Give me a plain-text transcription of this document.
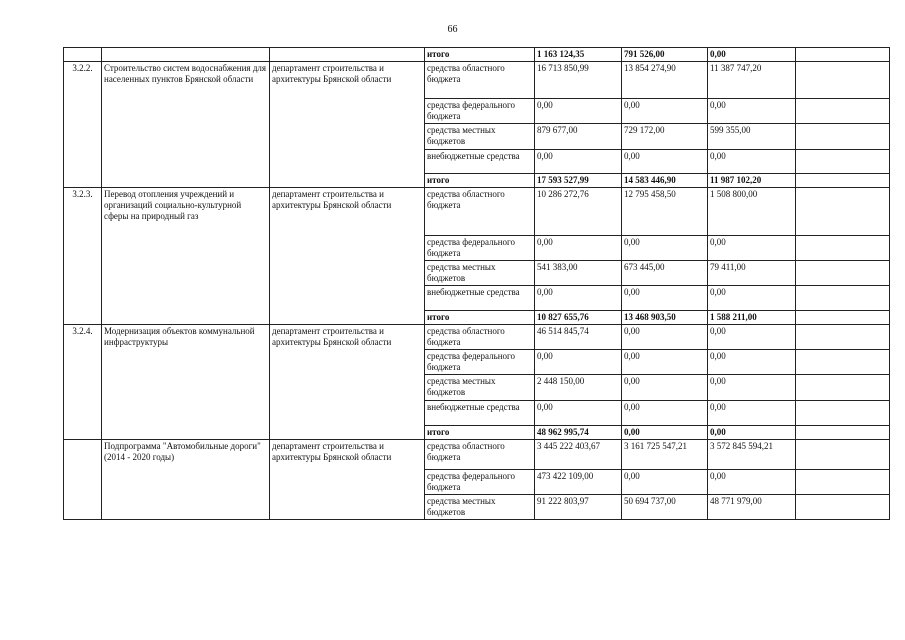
66
			итого	1 163 124,35	791 526,00	0,00	
3.2.2.	Строительство систем водоснабжения для населенных пунктов Брянской области	департамент строительства и архитектуры Брянской области	средства областного бюджета	16 713 850,99	13 854 274,90	11 387 747,20	
			средства федерального бюджета	0,00	0,00	0,00	
			средства местных бюджетов	879 677,00	729 172,00	599 355,00	
			внебюджетные средства	0,00	0,00	0,00	
			итого	17 593 527,99	14 583 446,90	11 987 102,20	
3.2.3.	Перевод отопления учреждений и организаций социально-культурной сферы на природный газ	департамент строительства и архитектуры Брянской области	средства областного бюджета	10 286 272,76	12 795 458,50	1 508 800,00	
			средства федерального бюджета	0,00	0,00	0,00	
			средства местных бюджетов	541 383,00	673 445,00	79 411,00	
			внебюджетные средства	0,00	0,00	0,00	
			итого	10 827 655,76	13 468 903,50	1 588 211,00	
3.2.4.	Модернизация объектов коммунальной инфраструктуры	департамент строительства и архитектуры Брянской области	средства областного бюджета	46 514 845,74	0,00	0,00	
			средства федерального бюджета	0,00	0,00	0,00	
			средства местных бюджетов	2 448 150,00	0,00	0,00	
			внебюджетные средства	0,00	0,00	0,00	
			итого	48 962 995,74	0,00	0,00	
	Подпрограмма "Автомобильные дороги" (2014 - 2020 годы)	департамент строительства и архитектуры Брянской области	средства областного бюджета	3 445 222 403,67	3 161 725 547,21	3 572 845 594,21	
			средства федерального бюджета	473 422 109,00	0,00	0,00	
			средства местных бюджетов	91 222 803,97	50 694 737,00	48 771 979,00	
